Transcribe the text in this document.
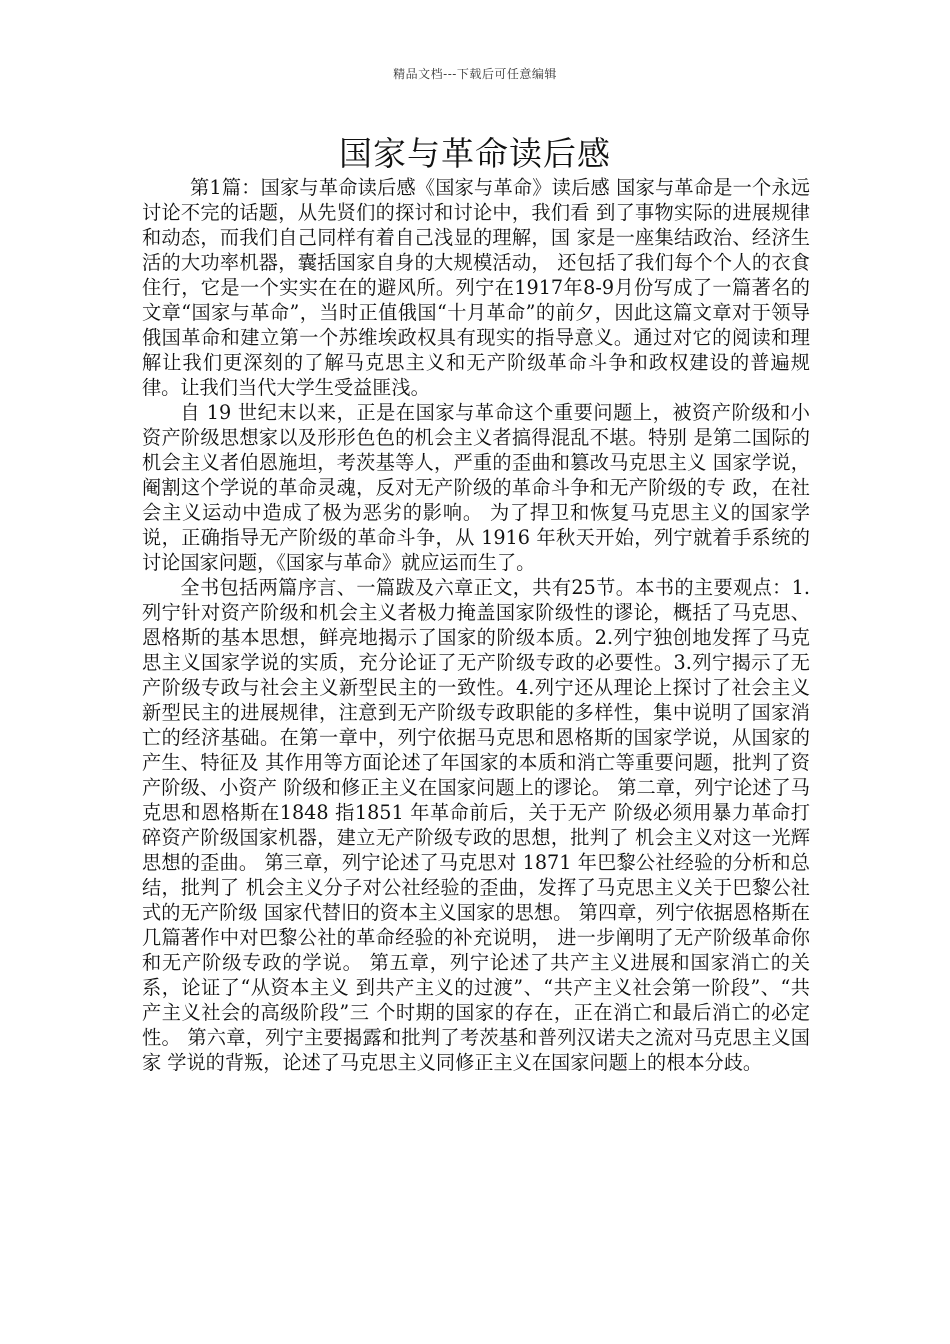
精品文档---下载后可任意编辑
国家与革命读后感

第1篇：国家与革命读后感《国家与革命》读后感 国家与革命是一个永远讨论不完的话题，从先贤们的探讨和讨论中，我们看 到了事物实际的进展规律和动态，而我们自己同样有着自己浅显的理解，国 家是一座集结政治、经济生活的大功率机器，囊括国家自身的大规模活动， 还包括了我们每个个人的衣食住行，它是一个实实在在的避风所。列宁在1917年8-9月份写成了一篇著名的文章“国家与革命”，当时正值俄国“十月革命”的前夕，因此这篇文章对于领导俄国革命和建立第一个苏维埃政权具有现实的指导意义。通过对它的阅读和理解让我们更深刻的了解马克思主义和无产阶级革命斗争和政权建设的普遍规律。让我们当代大学生受益匪浅。

自 19 世纪末以来，正是在国家与革命这个重要问题上，被资产阶级和小资产阶级思想家以及形形色色的机会主义者搞得混乱不堪。特别 是第二国际的机会主义者伯恩施坦，考茨基等人，严重的歪曲和篡改马克思主义 国家学说，阉割这个学说的革命灵魂，反对无产阶级的革命斗争和无产阶级的专 政，在社会主义运动中造成了极为恶劣的影响。 为了捍卫和恢复马克思主义的国家学说，正确指导无产阶级的革命斗争，从 1916 年秋天开始，列宁就着手系统的讨论国家问题，《国家与革命》就应运而生了。

全书包括两篇序言、一篇跋及六章正文，共有25节。本书的主要观点：1.列宁针对资产阶级和机会主义者极力掩盖国家阶级性的谬论，概括了马克思、恩格斯的基本思想，鲜亮地揭示了国家的阶级本质。2.列宁独创地发挥了马克思主义国家学说的实质，充分论证了无产阶级专政的必要性。3.列宁揭示了无产阶级专政与社会主义新型民主的一致性。4.列宁还从理论上探讨了社会主义新型民主的进展规律，注意到无产阶级专政职能的多样性，集中说明了国家消亡的经济基础。在第一章中，列宁依据马克思和恩格斯的国家学说，从国家的产生、特征及 其作用等方面论述了年国家的本质和消亡等重要问题，批判了资产阶级、小资产 阶级和修正主义在国家问题上的谬论。 第二章，列宁论述了马克思和恩格斯在1848 指1851 年革命前后，关于无产 阶级必须用暴力革命打碎资产阶级国家机器，建立无产阶级专政的思想，批判了 机会主义对这一光辉思想的歪曲。 第三章，列宁论述了马克思对 1871 年巴黎公社经验的分析和总结，批判了 机会主义分子对公社经验的歪曲，发挥了马克思主义关于巴黎公社式的无产阶级 国家代替旧的资本主义国家的思想。 第四章，列宁依据恩格斯在几篇著作中对巴黎公社的革命经验的补充说明， 进一步阐明了无产阶级革命你和无产阶级专政的学说。 第五章，列宁论述了共产主义进展和国家消亡的关系，论证了“从资本主义 到共产主义的过渡”、“共产主义社会第一阶段”、“共产主义社会的高级阶段”三 个时期的国家的存在，正在消亡和最后消亡的必定性。 第六章，列宁主要揭露和批判了考茨基和普列汉诺夫之流对马克思主义国家 学说的背叛，论述了马克思主义同修正主义在国家问题上的根本分歧。
